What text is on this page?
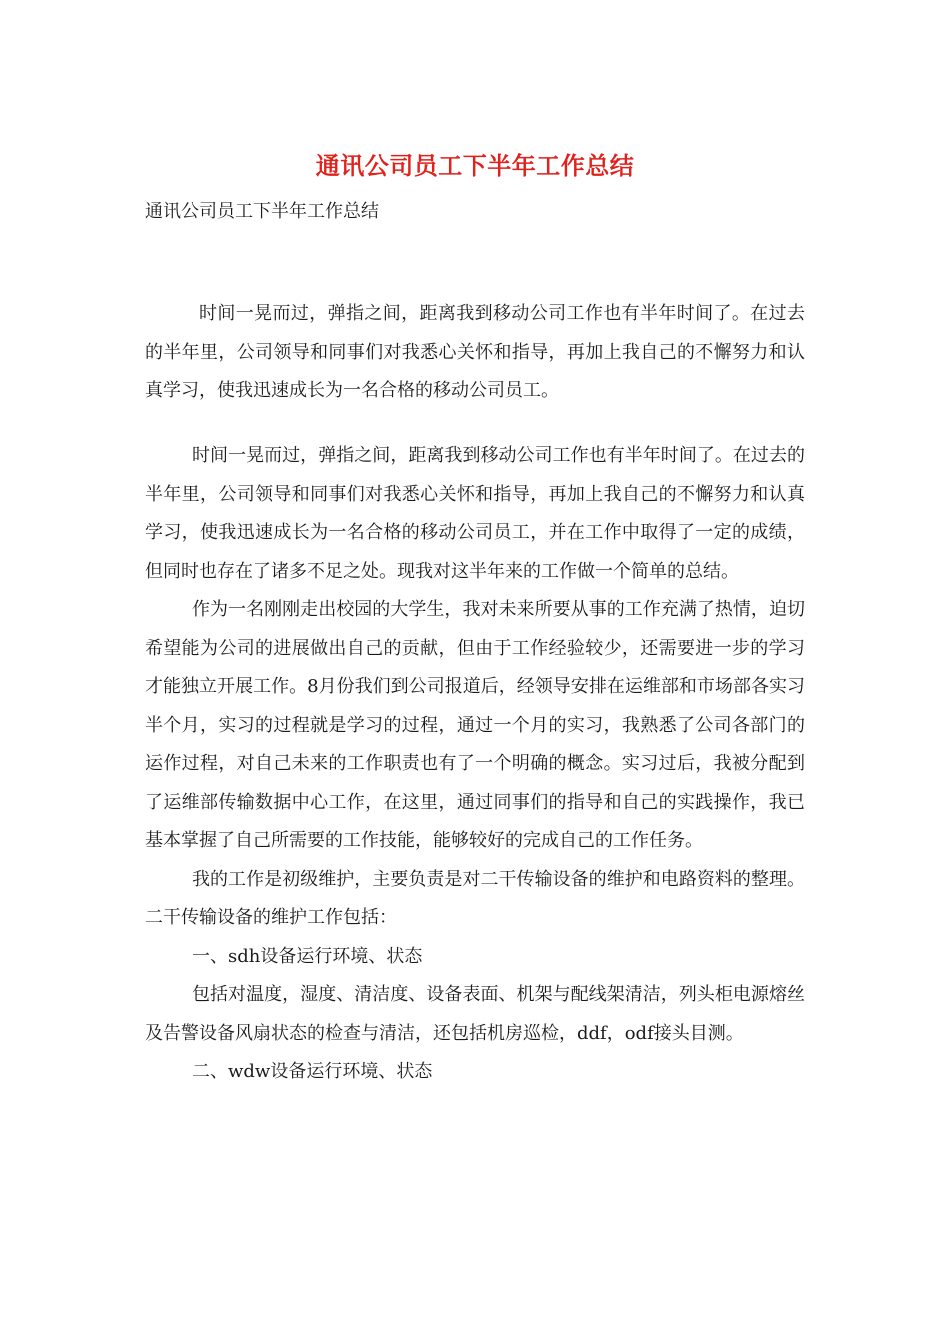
通讯公司员工下半年工作总结
通讯公司员工下半年工作总结

时间一晃而过，弹指之间，距离我到移动公司工作也有半年时间了。在过去的半年里，公司领导和同事们对我悉心关怀和指导，再加上我自己的不懈努力和认真学习，使我迅速成长为一名合格的移动公司员工。

时间一晃而过，弹指之间，距离我到移动公司工作也有半年时间了。在过去的半年里，公司领导和同事们对我悉心关怀和指导，再加上我自己的不懈努力和认真学习，使我迅速成长为一名合格的移动公司员工，并在工作中取得了一定的成绩，但同时也存在了诸多不足之处。现我对这半年来的工作做一个简单的总结。

作为一名刚刚走出校园的大学生，我对未来所要从事的工作充满了热情，迫切希望能为公司的进展做出自己的贡献，但由于工作经验较少，还需要进一步的学习才能独立开展工作。8月份我们到公司报道后，经领导安排在运维部和市场部各实习半个月，实习的过程就是学习的过程，通过一个月的实习，我熟悉了公司各部门的运作过程，对自己未来的工作职责也有了一个明确的概念。实习过后，我被分配到了运维部传输数据中心工作，在这里，通过同事们的指导和自己的实践操作，我已基本掌握了自己所需要的工作技能，能够较好的完成自己的工作任务。

我的工作是初级维护，主要负责是对二干传输设备的维护和电路资料的整理。二干传输设备的维护工作包括：

一、sdh设备运行环境、状态

包括对温度，湿度、清洁度、设备表面、机架与配线架清洁，列头柜电源熔丝及告警设备风扇状态的检查与清洁，还包括机房巡检，ddf，odf接头目测。

二、wdw设备运行环境、状态
